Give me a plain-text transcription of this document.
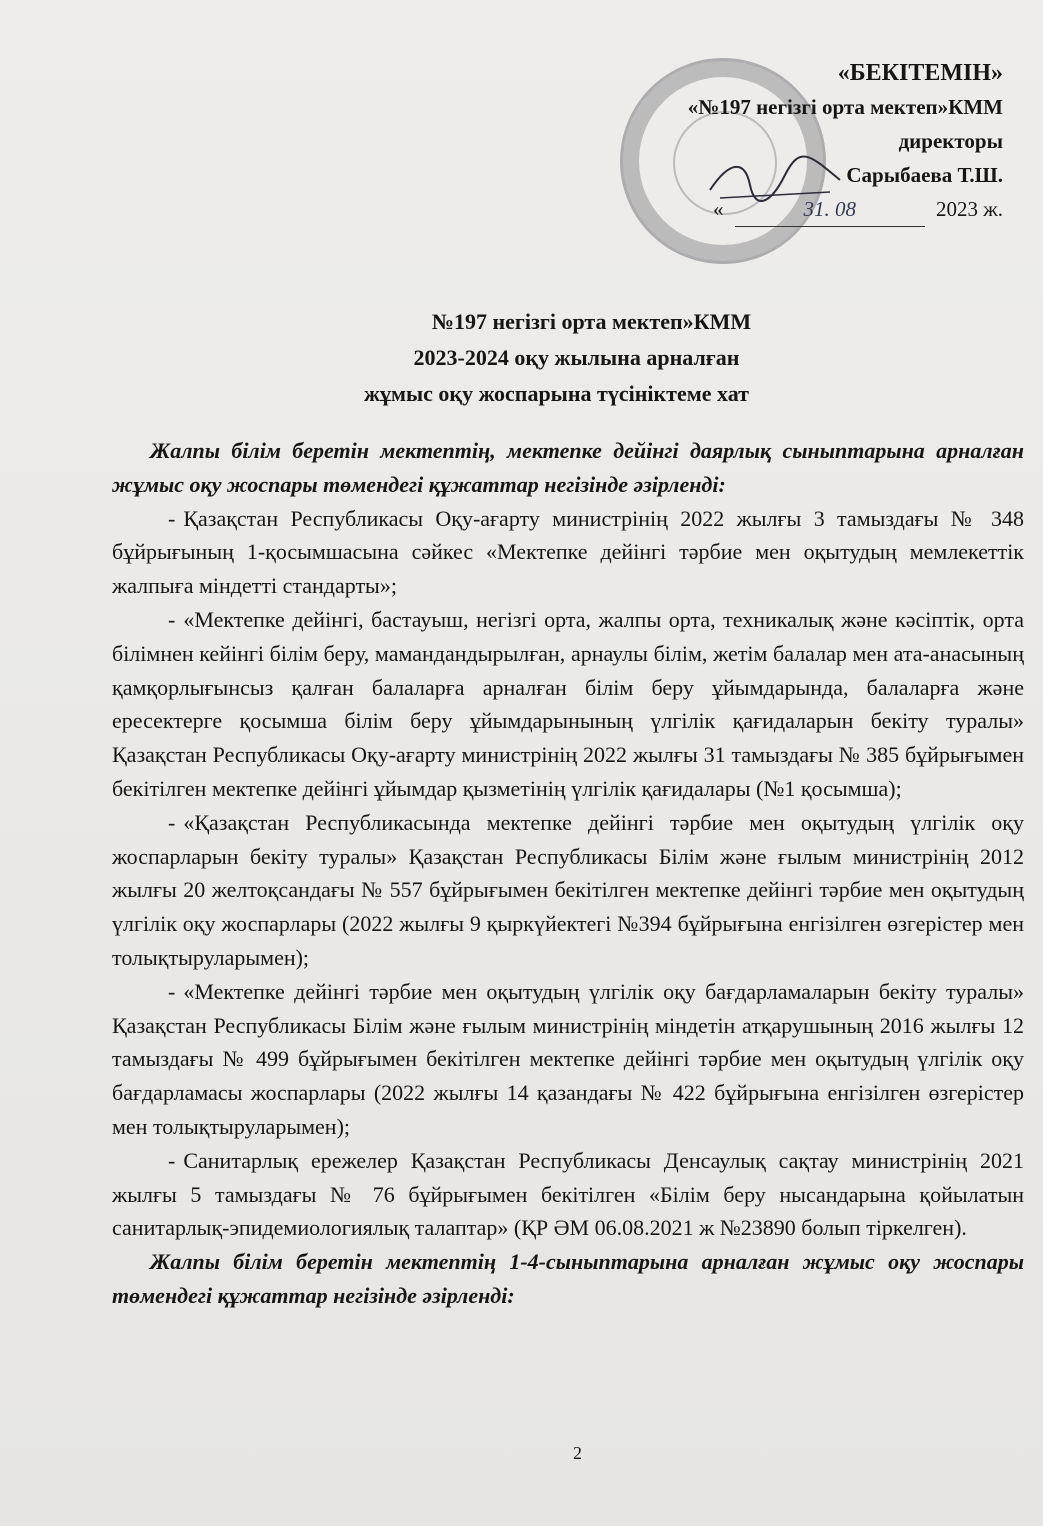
«БЕКІТЕМІН»
«№197 негізгі орта мектеп»КММ
директоры
Сарыбаева Т.Ш.
«	31. 08	2023 ж.
№197 негізгі орта мектеп»КММ
2023-2024 оқу жылына арналған
жұмыс оқу жоспарына түсініктеме хат

Жалпы білім беретін мектептің, мектепке дейінгі даярлық сыныптарына арналған жұмыс оқу жоспары төмендегі құжаттар негізінде әзірленді:

- Қазақстан Республикасы Оқу-ағарту министрінің 2022 жылғы 3 тамыздағы № 348 бұйрығының 1-қосымшасына сәйкес «Мектепке дейінгі тәрбие мен оқытудың мемлекеттік жалпыға міндетті стандарты»;

- «Мектепке дейінгі, бастауыш, негізгі орта, жалпы орта, техникалық және кәсіптік, орта білімнен кейінгі білім беру, мамандандырылған, арнаулы білім, жетім балалар мен ата-анасының қамқорлығынсыз қалған балаларға арналған білім беру ұйымдарында, балаларға және ересектерге қосымша білім беру ұйымдарынының үлгілік қағидаларын бекіту туралы» Қазақстан Республикасы Оқу-ағарту министрінің 2022 жылғы 31 тамыздағы № 385 бұйрығымен бекітілген мектепке дейінгі ұйымдар қызметінің үлгілік қағидалары (№1 қосымша);

- «Қазақстан Республикасында мектепке дейінгі тәрбие мен оқытудың үлгілік оқу жоспарларын бекіту туралы» Қазақстан Республикасы Білім және ғылым министрінің 2012 жылғы 20 желтоқсандағы № 557 бұйрығымен бекітілген мектепке дейінгі тәрбие мен оқытудың үлгілік оқу жоспарлары (2022 жылғы 9 қыркүйектегі №394 бұйрығына енгізілген өзгерістер мен толықтыруларымен);

- «Мектепке дейінгі тәрбие мен оқытудың үлгілік оқу бағдарламаларын бекіту туралы» Қазақстан Республикасы Білім және ғылым министрінің міндетін атқарушының 2016 жылғы 12 тамыздағы № 499 бұйрығымен бекітілген мектепке дейінгі тәрбие мен оқытудың үлгілік оқу бағдарламасы жоспарлары (2022 жылғы 14 қазандағы № 422 бұйрығына енгізілген өзгерістер мен толықтыруларымен);

- Санитарлық ережелер Қазақстан Республикасы Денсаулық сақтау министрінің 2021 жылғы 5 тамыздағы № 76 бұйрығымен бекітілген «Білім беру нысандарына қойылатын санитарлық-эпидемиологиялық талаптар» (ҚР ӘМ 06.08.2021 ж №23890 болып тіркелген).

Жалпы білім беретін мектептің 1-4-сыныптарына арналған жұмыс оқу жоспары төмендегі құжаттар негізінде әзірленді:

2
